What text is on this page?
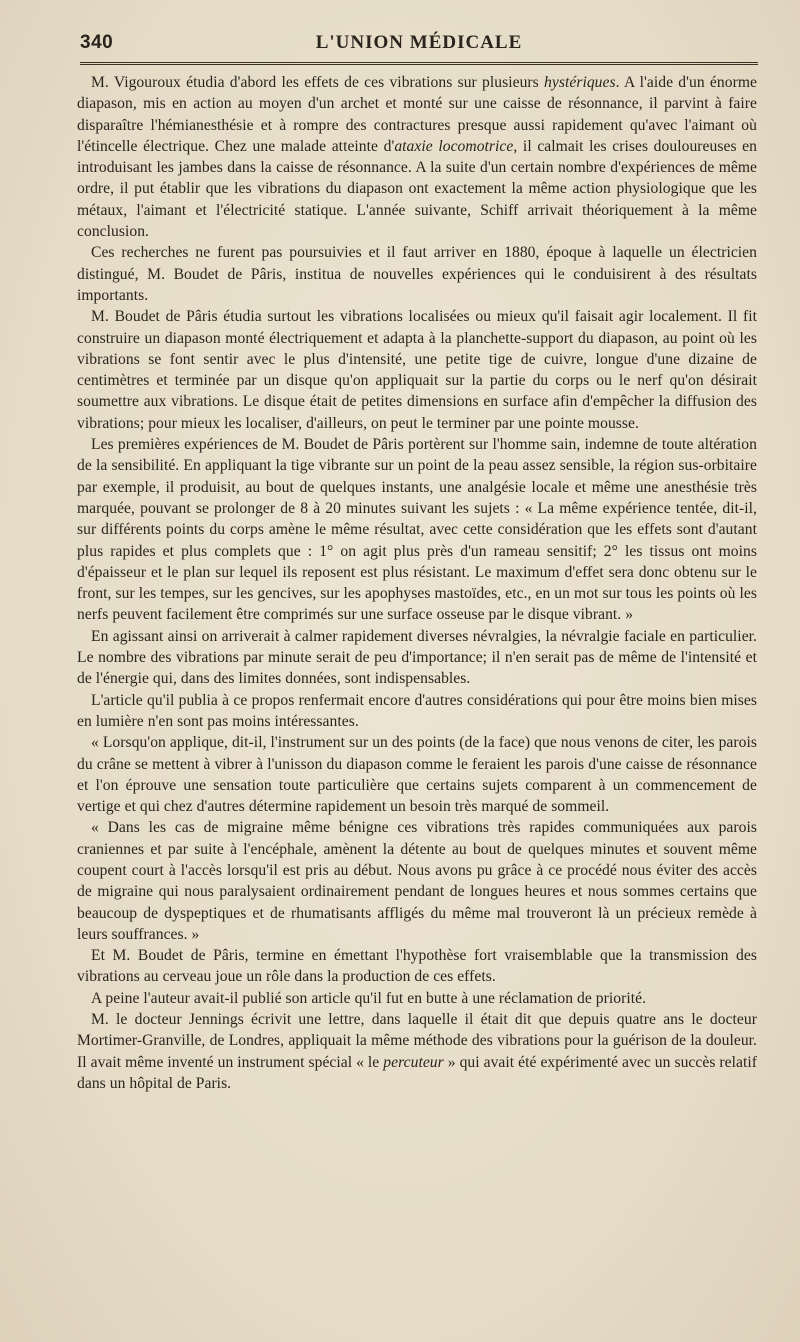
340	L'UNION MÉDICALE

M. Vigouroux étudia d'abord les effets de ces vibrations sur plusieurs hystériques. A l'aide d'un énorme diapason, mis en action au moyen d'un archet et monté sur une caisse de résonnance, il parvint à faire disparaître l'hémianesthésie et à rompre des contractures presque aussi rapidement qu'avec l'aimant où l'étincelle électrique. Chez une malade atteinte d'ataxie locomotrice, il calmait les crises douloureuses en introduisant les jambes dans la caisse de résonnance. A la suite d'un certain nombre d'expériences de même ordre, il put établir que les vibrations du diapason ont exactement la même action physiologique que les métaux, l'aimant et l'électricité statique. L'année suivante, Schiff arrivait théoriquement à la même conclusion.

Ces recherches ne furent pas poursuivies et il faut arriver en 1880, époque à laquelle un électricien distingué, M. Boudet de Pâris, institua de nouvelles expériences qui le conduisirent à des résultats importants.

M. Boudet de Pâris étudia surtout les vibrations localisées ou mieux qu'il faisait agir localement. Il fit construire un diapason monté électriquement et adapta à la planchette-support du diapason, au point où les vibrations se font sentir avec le plus d'intensité, une petite tige de cuivre, longue d'une dizaine de centimètres et terminée par un disque qu'on appliquait sur la partie du corps ou le nerf qu'on désirait soumettre aux vibrations. Le disque était de petites dimensions en surface afin d'empêcher la diffusion des vibrations; pour mieux les localiser, d'ailleurs, on peut le terminer par une pointe mousse.

Les premières expériences de M. Boudet de Pâris portèrent sur l'homme sain, indemne de toute altération de la sensibilité. En appliquant la tige vibrante sur un point de la peau assez sensible, la région sus-orbitaire par exemple, il produisit, au bout de quelques instants, une analgésie locale et même une anesthésie très marquée, pouvant se prolonger de 8 à 20 minutes suivant les sujets : « La même expérience tentée, dit-il, sur différents points du corps amène le même résultat, avec cette considération que les effets sont d'autant plus rapides et plus complets que : 1° on agit plus près d'un rameau sensitif; 2° les tissus ont moins d'épaisseur et le plan sur lequel ils reposent est plus résistant. Le maximum d'effet sera donc obtenu sur le front, sur les tempes, sur les gencives, sur les apophyses mastoïdes, etc., en un mot sur tous les points où les nerfs peuvent facilement être comprimés sur une surface osseuse par le disque vibrant. »

En agissant ainsi on arriverait à calmer rapidement diverses névralgies, la névralgie faciale en particulier. Le nombre des vibrations par minute serait de peu d'importance; il n'en serait pas de même de l'intensité et de l'énergie qui, dans des limites données, sont indispensables.

L'article qu'il publia à ce propos renfermait encore d'autres considérations qui pour être moins bien mises en lumière n'en sont pas moins intéressantes.

« Lorsqu'on applique, dit-il, l'instrument sur un des points (de la face) que nous venons de citer, les parois du crâne se mettent à vibrer à l'unisson du diapason comme le feraient les parois d'une caisse de résonnance et l'on éprouve une sensation toute particulière que certains sujets comparent à un commencement de vertige et qui chez d'autres détermine rapidement un besoin très marqué de sommeil.

« Dans les cas de migraine même bénigne ces vibrations très rapides communiquées aux parois craniennes et par suite à l'encéphale, amènent la détente au bout de quelques minutes et souvent même coupent court à l'accès lorsqu'il est pris au début. Nous avons pu grâce à ce procédé nous éviter des accès de migraine qui nous paralysaient ordinairement pendant de longues heures et nous sommes certains que beaucoup de dyspeptiques et de rhumatisants affligés du même mal trouveront là un précieux remède à leurs souffrances. »

Et M. Boudet de Pâris, termine en émettant l'hypothèse fort vraisemblable que la transmission des vibrations au cerveau joue un rôle dans la production de ces effets.

A peine l'auteur avait-il publié son article qu'il fut en butte à une réclamation de priorité.

M. le docteur Jennings écrivit une lettre, dans laquelle il était dit que depuis quatre ans le docteur Mortimer-Granville, de Londres, appliquait la même méthode des vibrations pour la guérison de la douleur. Il avait même inventé un instrument spécial « le percuteur » qui avait été expérimenté avec un succès relatif dans un hôpital de Paris.
